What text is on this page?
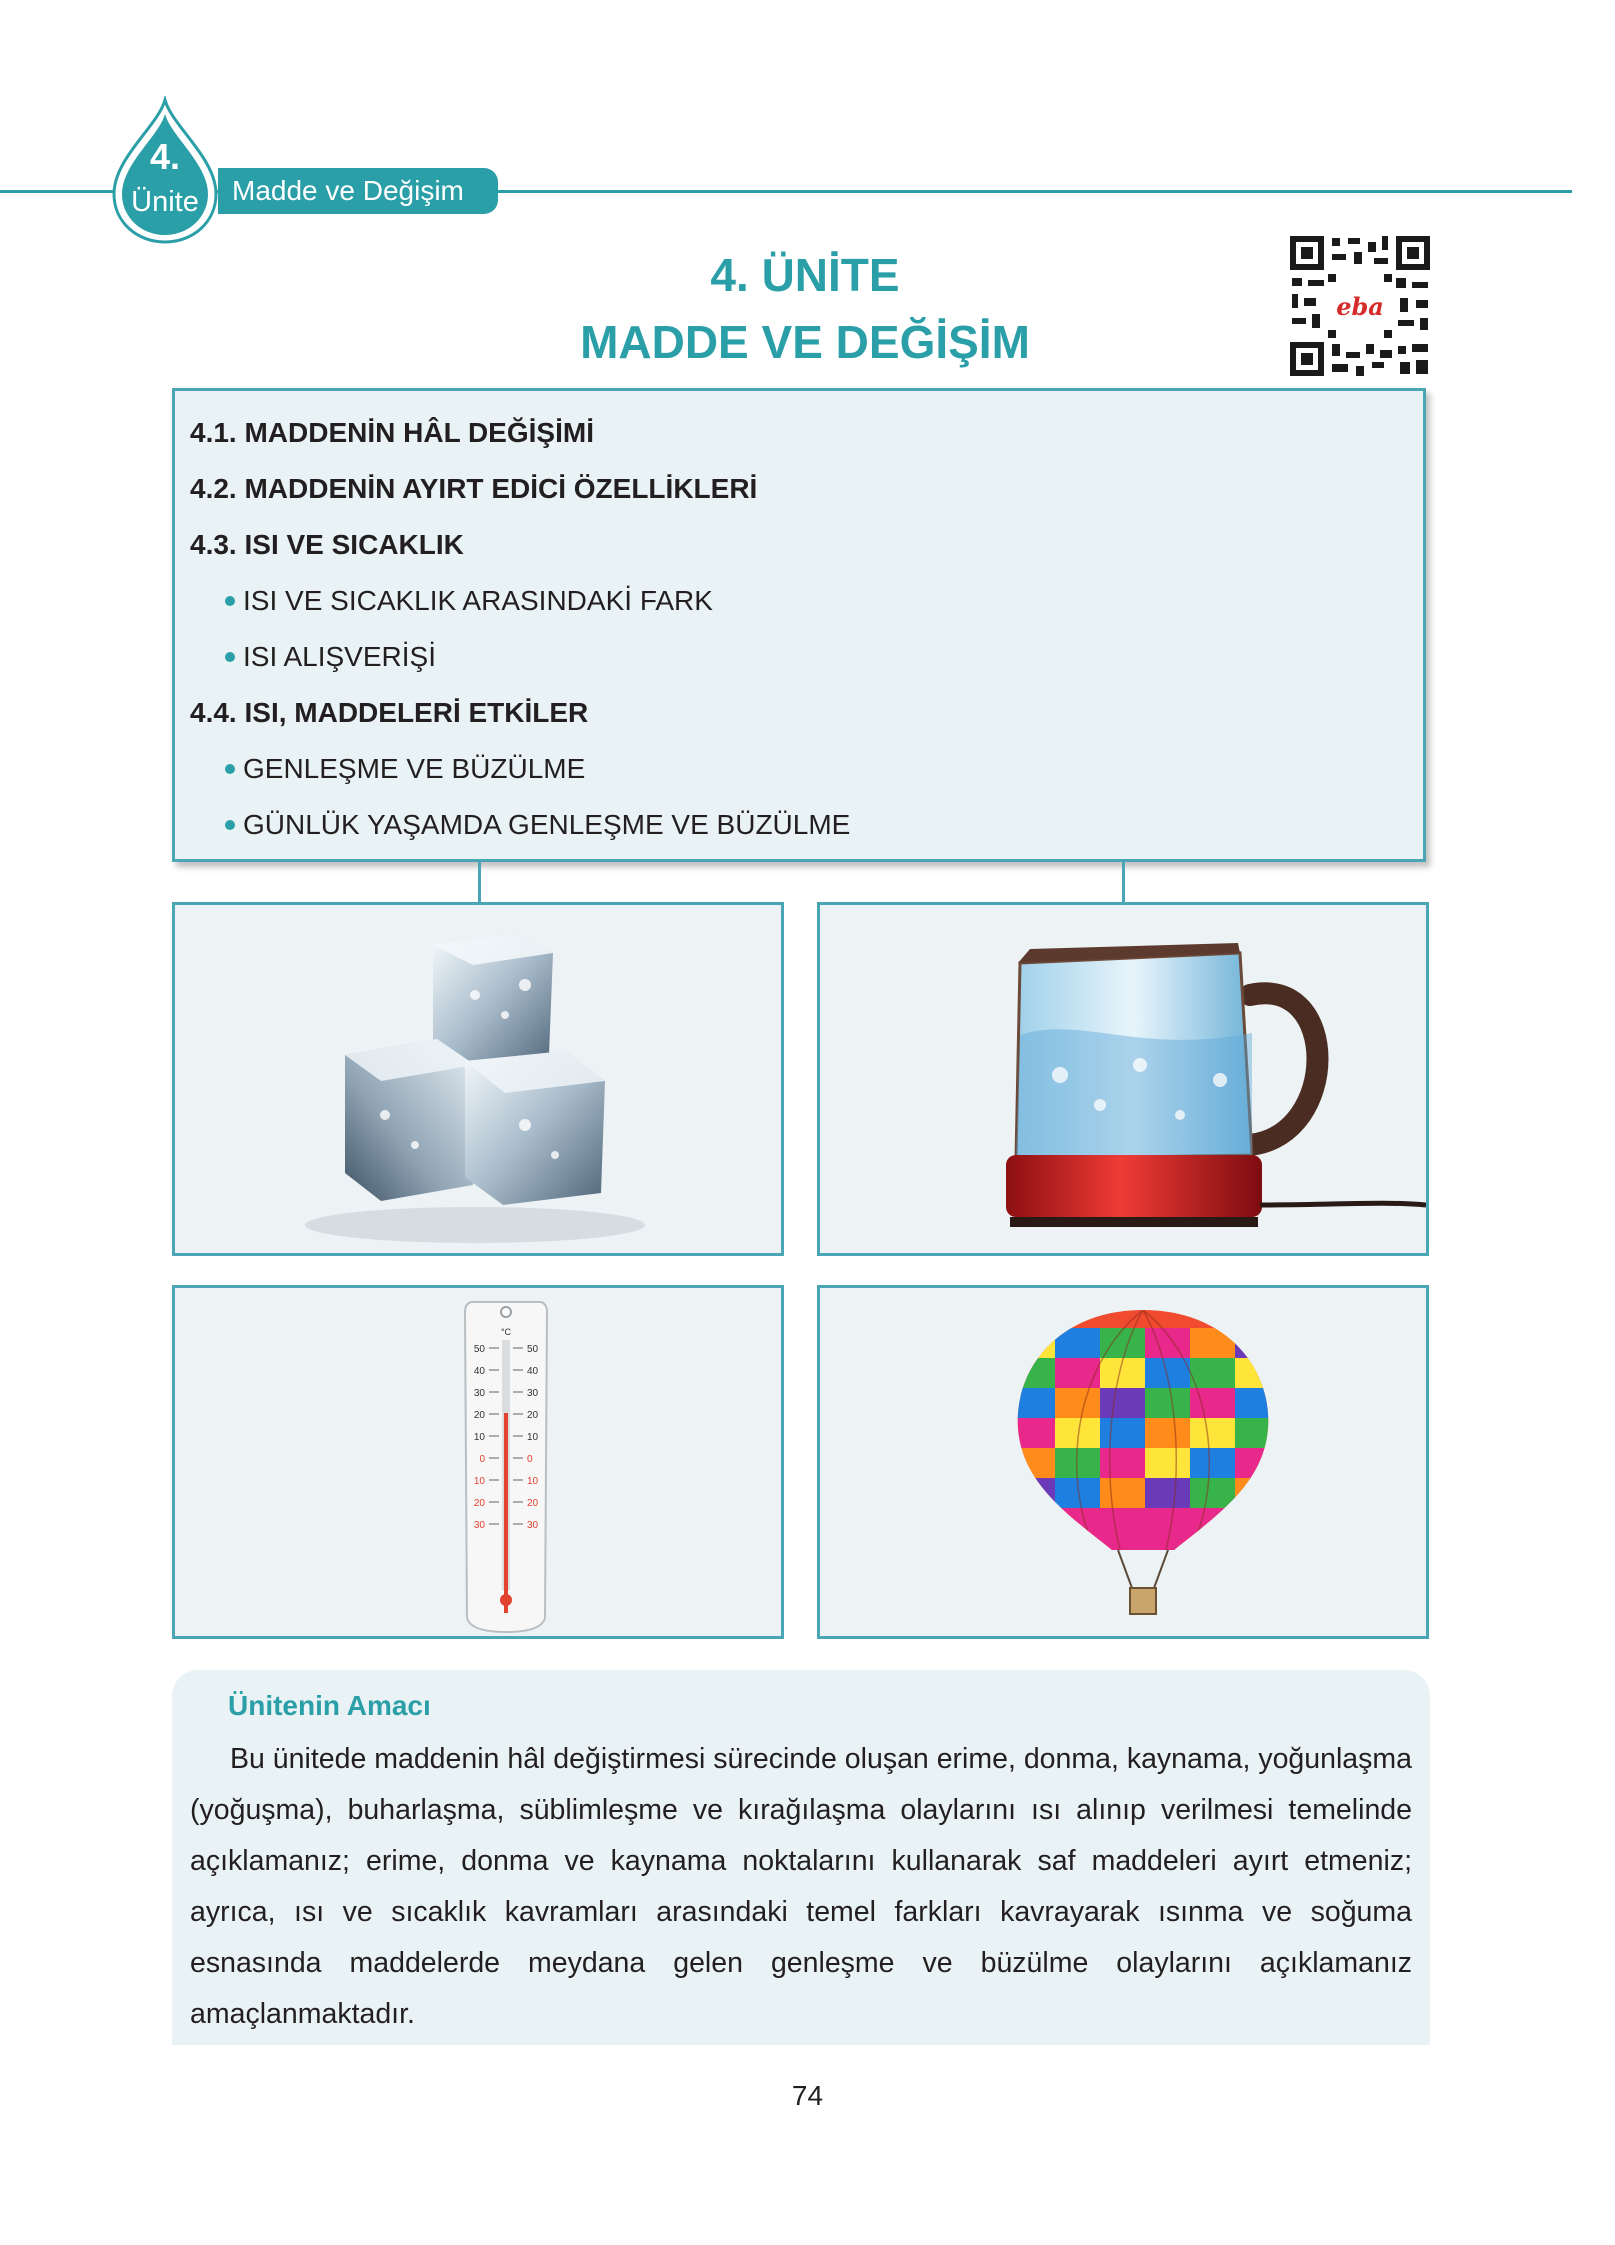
4.
Ünite	Madde ve Değişim
4. ÜNİTE
MADDE VE DEĞİŞİM
eba
4.1. MADDENİN HÂL DEĞİŞİMİ
4.2. MADDENİN AYIRT EDİCİ ÖZELLİKLERİ
4.3. ISI VE SICAKLIK
ISI VE SICAKLIK ARASINDAKİ FARK
ISI ALIŞVERİŞİ
4.4. ISI, MADDELERİ ETKİLER
GENLEŞME VE BÜZÜLME
GÜNLÜK YAŞAMDA GENLEŞME VE BÜZÜLME
°C
50
40
30
20
10
0
10
20
30
50
40
30
20
10
0
10
20
30
Ünitenin Amacı
Bu ünitede maddenin hâl değiştirmesi sürecinde oluşan erime, donma, kaynama, yoğunlaşma (yoğuşma), buharlaşma, süblimleşme ve kırağılaşma olaylarını ısı alınıp verilmesi temelinde açıklamanız; erime, donma ve kaynama noktalarını kullanarak saf maddeleri ayırt etmeniz; ayrıca, ısı ve sıcaklık kavramları arasındaki temel farkları kavrayarak ısınma ve soğuma esnasında maddelerde meydana gelen genleşme ve büzülme olaylarını açıklamanız amaçlanmaktadır.
74
